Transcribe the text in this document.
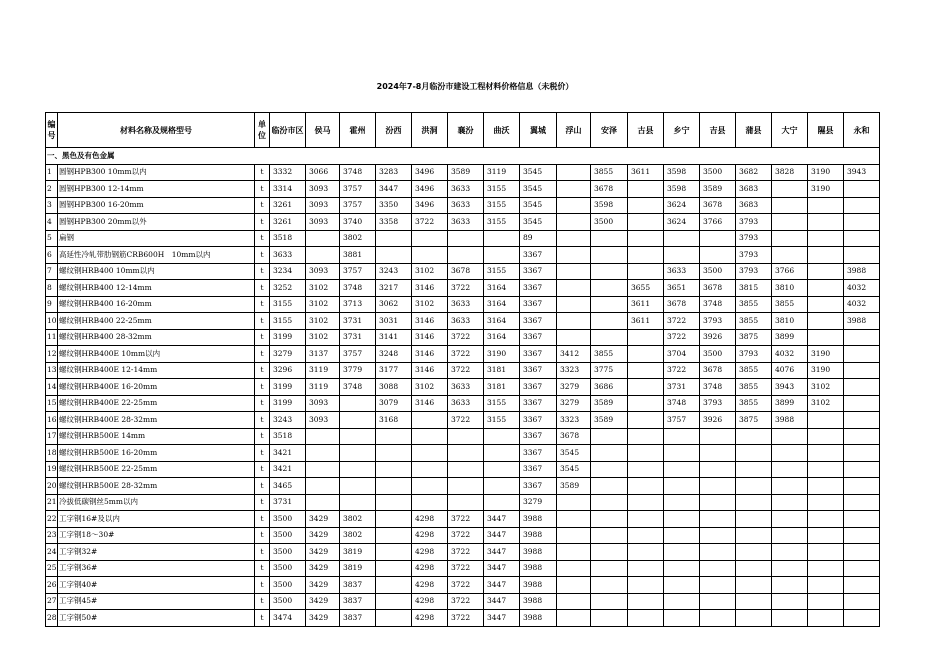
2024年7-8月临汾市建设工程材料价格信息（未税价）
编号	材料名称及规格型号	单位	临汾市区	侯马	霍州	汾西	洪洞	襄汾	曲沃	翼城	浮山	安泽	古县	乡宁	吉县	蒲县	大宁	隰县	永和
一、黑色及有色金属																			
1	圆钢HPB300 10mm以内	t	3332	3066	3748	3283	3496	3589	3119	3545		3855	3611	3598	3500	3682	3828	3190	3943
2	圆钢HPB300 12-14mm	t	3314	3093	3757	3447	3496	3633	3155	3545		3678		3598	3589	3683		3190	
3	圆钢HPB300 16-20mm	t	3261	3093	3757	3350	3496	3633	3155	3545		3598		3624	3678	3683			
4	圆钢HPB300 20mm以外	t	3261	3093	3740	3358	3722	3633	3155	3545		3500		3624	3766	3793			
5	扁钢	t	3518		3802					89						3793			
6	高延性冷轧带肋钢筋CRB600H　10mm以内	t	3633		3881					3367						3793			
7	螺纹钢HRB400 10mm以内	t	3234	3093	3757	3243	3102	3678	3155	3367				3633	3500	3793	3766		3988
8	螺纹钢HRB400 12-14mm	t	3252	3102	3748	3217	3146	3722	3164	3367			3655	3651	3678	3815	3810		4032
9	螺纹钢HRB400 16-20mm	t	3155	3102	3713	3062	3102	3633	3164	3367			3611	3678	3748	3855	3855		4032
10	螺纹钢HRB400 22-25mm	t	3155	3102	3731	3031	3146	3633	3164	3367			3611	3722	3793	3855	3810		3988
11	螺纹钢HRB400 28-32mm	t	3199	3102	3731	3141	3146	3722	3164	3367				3722	3926	3875	3899		
12	螺纹钢HRB400E 10mm以内	t	3279	3137	3757	3248	3146	3722	3190	3367	3412	3855		3704	3500	3793	4032	3190	
13	螺纹钢HRB400E 12-14mm	t	3296	3119	3779	3177	3146	3722	3181	3367	3323	3775		3722	3678	3855	4076	3190	
14	螺纹钢HRB400E 16-20mm	t	3199	3119	3748	3088	3102	3633	3181	3367	3279	3686		3731	3748	3855	3943	3102	
15	螺纹钢HRB400E 22-25mm	t	3199	3093		3079	3146	3633	3155	3367	3279	3589		3748	3793	3855	3899	3102	
16	螺纹钢HRB400E 28-32mm	t	3243	3093		3168		3722	3155	3367	3323	3589		3757	3926	3875	3988		
17	螺纹钢HRB500E 14mm	t	3518							3367	3678								
18	螺纹钢HRB500E 16-20mm	t	3421							3367	3545								
19	螺纹钢HRB500E 22-25mm	t	3421							3367	3545								
20	螺纹钢HRB500E 28-32mm	t	3465							3367	3589								
21	冷拔低碳钢丝5mm以内	t	3731							3279									
22	工字钢16#及以内	t	3500	3429	3802		4298	3722	3447	3988									
23	工字钢18～30#	t	3500	3429	3802		4298	3722	3447	3988									
24	工字钢32#	t	3500	3429	3819		4298	3722	3447	3988									
25	工字钢36#	t	3500	3429	3819		4298	3722	3447	3988									
26	工字钢40#	t	3500	3429	3837		4298	3722	3447	3988									
27	工字钢45#	t	3500	3429	3837		4298	3722	3447	3988									
28	工字钢50#	t	3474	3429	3837		4298	3722	3447	3988									
